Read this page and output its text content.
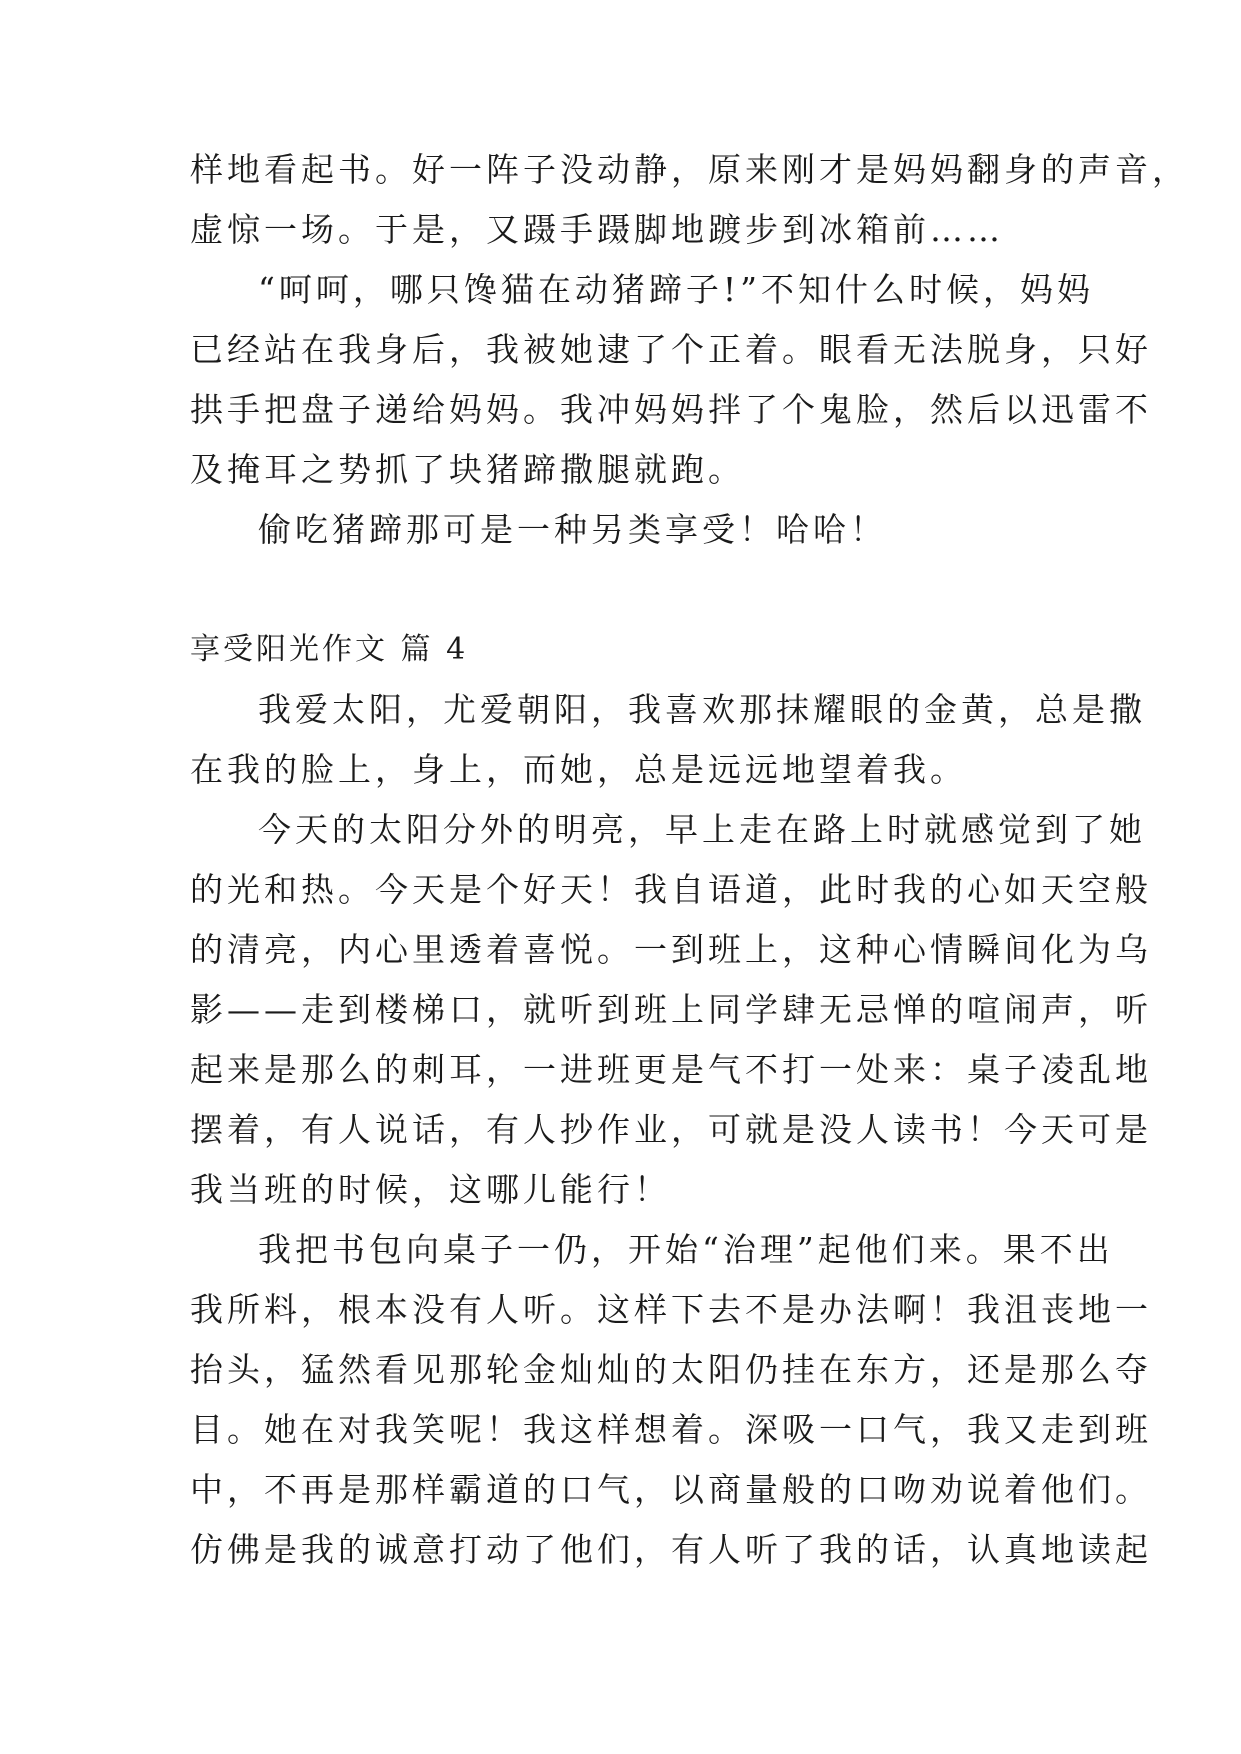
样地看起书。好一阵子没动静，原来刚才是妈妈翻身的声音，
虚惊一场。于是，又蹑手蹑脚地踱步到冰箱前……
“呵呵，哪只馋猫在动猪蹄子!”不知什么时候，妈妈
已经站在我身后，我被她逮了个正着。眼看无法脱身，只好
拱手把盘子递给妈妈。我冲妈妈拌了个鬼脸，然后以迅雷不
及掩耳之势抓了块猪蹄撒腿就跑。
偷吃猪蹄那可是一种另类享受！哈哈！
享受阳光作文 篇 4
我爱太阳，尤爱朝阳，我喜欢那抹耀眼的金黄，总是撒
在我的脸上，身上，而她，总是远远地望着我。
今天的太阳分外的明亮，早上走在路上时就感觉到了她
的光和热。今天是个好天！我自语道，此时我的心如天空般
的清亮，内心里透着喜悦。一到班上，这种心情瞬间化为乌
影——走到楼梯口，就听到班上同学肆无忌惮的喧闹声，听
起来是那么的刺耳，一进班更是气不打一处来：桌子凌乱地
摆着，有人说话，有人抄作业，可就是没人读书！今天可是
我当班的时候，这哪儿能行！
我把书包向桌子一仍，开始“治理”起他们来。果不出
我所料，根本没有人听。这样下去不是办法啊！我沮丧地一
抬头，猛然看见那轮金灿灿的太阳仍挂在东方，还是那么夺
目。她在对我笑呢！我这样想着。深吸一口气，我又走到班
中，不再是那样霸道的口气，以商量般的口吻劝说着他们。
仿佛是我的诚意打动了他们，有人听了我的话，认真地读起
